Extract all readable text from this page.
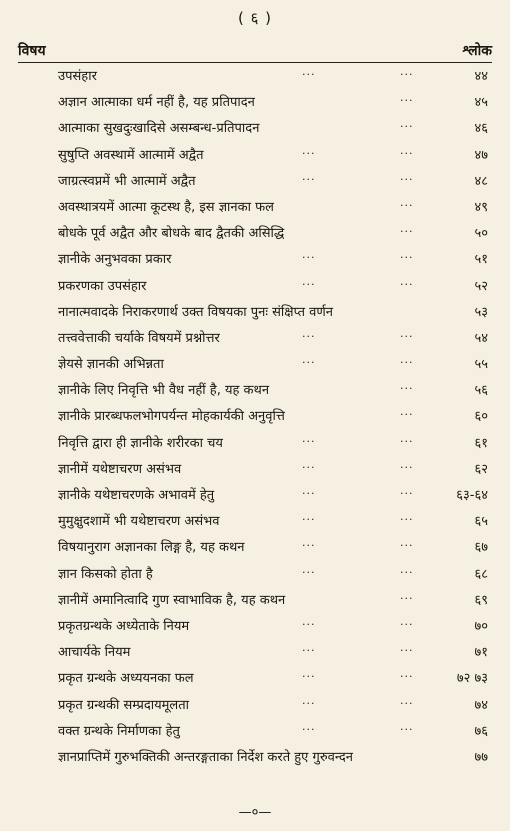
( ६ )
विषय	श्लोक
उपसंहार	···	···	४४
अज्ञान आत्माका धर्म नहीं है, यह प्रतिपादन	···	४५
आत्माका सुखदुःखादिसे असम्बन्ध-प्रतिपादन	···	४६
सुषुप्ति अवस्थामें आत्मामें अद्वैत	···	···	४७
जाग्रत्स्वप्नमें भी आत्मामें अद्वैत	···	···	४८
अवस्थात्रयमें आत्मा कूटस्थ है, इस ज्ञानका फल	···	४९
बोधके पूर्व अद्वैत और बोधके बाद द्वैतकी असिद्धि	···	५०
ज्ञानीके अनुभवका प्रकार	···	···	५१
प्रकरणका उपसंहार	···	···	५२
नानात्मवादके निराकरणार्थ उक्त विषयका पुनः संक्षिप्त वर्णन	५३
तत्त्ववेत्ताकी चर्याके विषयमें प्रश्नोत्तर	···	···	५४
ज्ञेयसे ज्ञानकी अभिन्नता	···	···	५५
ज्ञानीके लिए निवृत्ति भी वैध नहीं है, यह कथन	···	५६
ज्ञानीके प्रारब्धफलभोगपर्यन्त मोहकार्यकी अनुवृत्ति	···	६०
निवृत्ति द्वारा ही ज्ञानीके शरीरका चय	···	···	६१
ज्ञानीमें यथेष्टाचरण असंभव	···	···	६२
ज्ञानीके यथेष्टाचरणके अभावमें हेतु	···	···	६३-६४
मुमुक्षुदशामें भी यथेष्टाचरण असंभव	···	···	६५
विषयानुराग अज्ञानका लिङ्ग है, यह कथन	···	···	६७
ज्ञान किसको होता है	···	···	६८
ज्ञानीमें अमानित्वादि गुण स्वाभाविक है, यह कथन	···	६९
प्रकृतग्रन्थके अध्येताके नियम	···	···	७०
आचार्यके नियम	···	···	७१
प्रकृत ग्रन्थके अध्ययनका फल	···	···	७२ ७३
प्रकृत ग्रन्थकी सम्प्रदायमूलता	···	···	७४
वक्त ग्रन्थके निर्माणका हेतु	···	···	७६
ज्ञानप्राप्तिमें गुरुभक्तिकी अन्तरङ्गताका निर्देश करते हुए गुरुवन्दन	७७
—०—
